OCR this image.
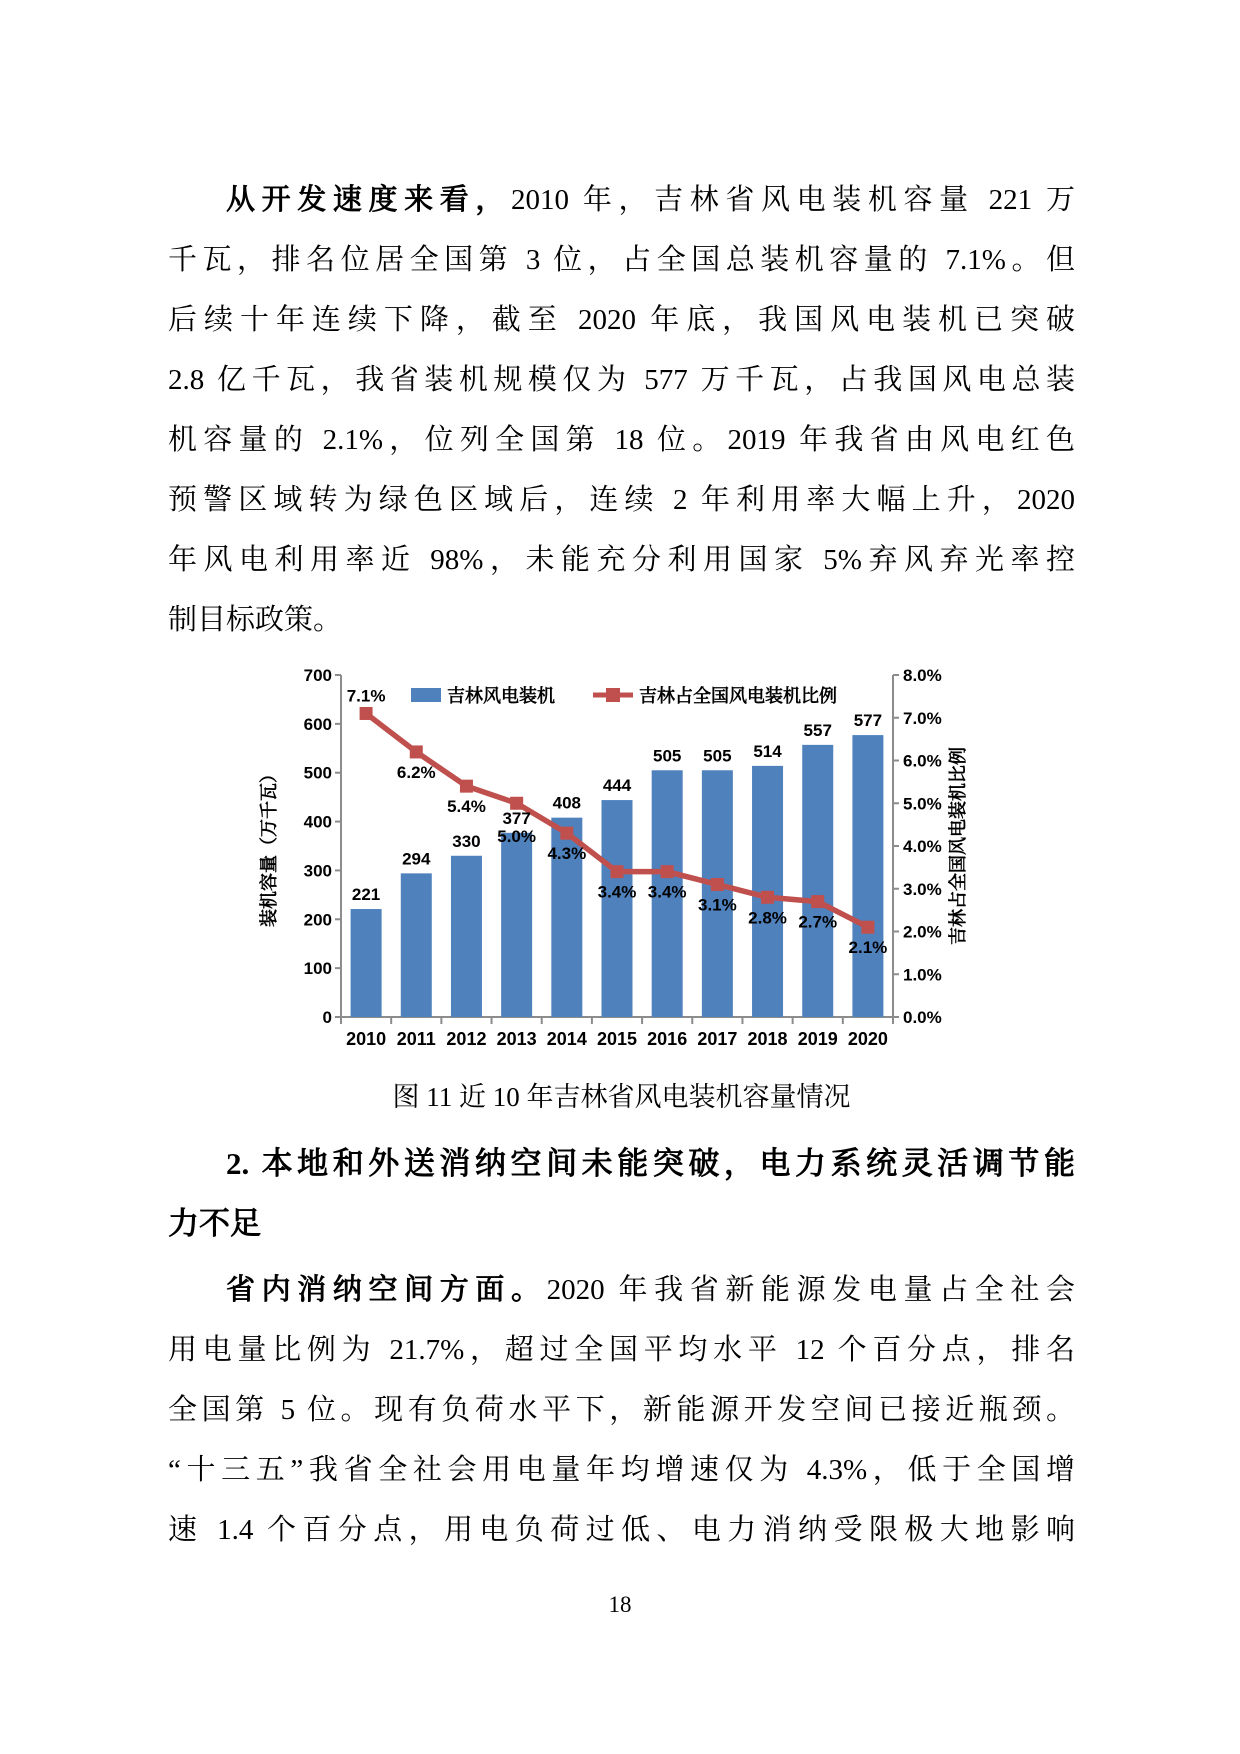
从开发速度来看，2010 年，吉林省风电装机容量 221 万
千瓦，排名位居全国第 3 位，占全国总装机容量的 7.1%。但
后续十年连续下降，截至 2020 年底，我国风电装机已突破
2.8 亿千瓦，我省装机规模仅为 577 万千瓦，占我国风电总装
机容量的 2.1%，位列全国第 18 位。2019 年我省由风电红色
预警区域转为绿色区域后，连续 2 年利用率大幅上升，2020
年风电利用率近 98%，未能充分利用国家 5%弃风弃光率控
制目标政策。
0
100
200
300
400
500
600
700
0.0%
1.0%
2.0%
3.0%
4.0%
5.0%
6.0%
7.0%
8.0%
2010 2011 2012 2013 2014 2015 2016 2017 2018 2019 2020
装机容量（万千瓦）	吉林占全国风电装机比例
221
294
330
377
408
444
505 505 514
557
577
7.1%
6.2%
5.4%
5.0%
4.3%
3.4% 3.4%
3.1%
2.8% 2.7%
2.1%
吉林风电装机	吉林占全国风电装机比例
图 11 近 10 年吉林省风电装机容量情况
2. 本地和外送消纳空间未能突破，电力系统灵活调节能
力不足
省内消纳空间方面。2020 年我省新能源发电量占全社会
用电量比例为 21.7%，超过全国平均水平 12 个百分点，排名
全国第 5 位。现有负荷水平下，新能源开发空间已接近瓶颈。
“十三五”我省全社会用电量年均增速仅为 4.3%，低于全国增
速 1.4 个百分点，用电负荷过低、电力消纳受限极大地影响
18
